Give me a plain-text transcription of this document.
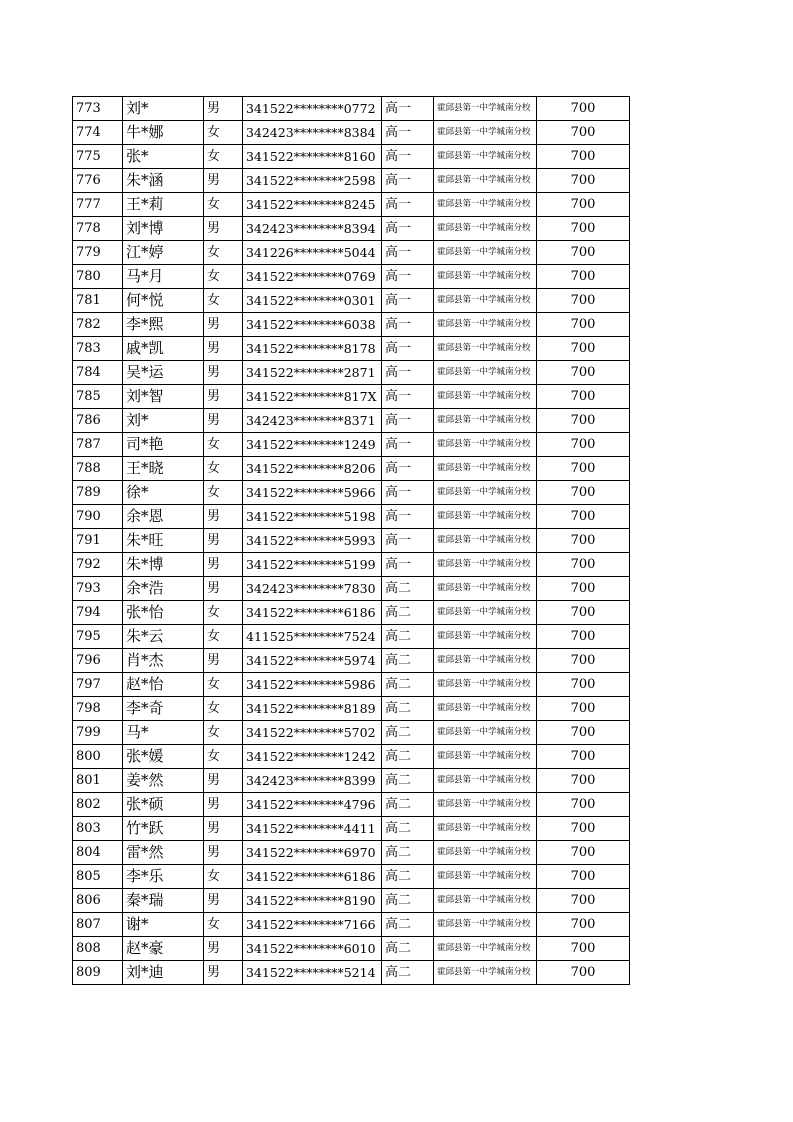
773	刘*	男	341522********0772	高一	霍邱县第一中学城南分校	700
774	牛*娜	女	342423********8384	高一	霍邱县第一中学城南分校	700
775	张*	女	341522********8160	高一	霍邱县第一中学城南分校	700
776	朱*涵	男	341522********2598	高一	霍邱县第一中学城南分校	700
777	王*莉	女	341522********8245	高一	霍邱县第一中学城南分校	700
778	刘*博	男	342423********8394	高一	霍邱县第一中学城南分校	700
779	江*婷	女	341226********5044	高一	霍邱县第一中学城南分校	700
780	马*月	女	341522********0769	高一	霍邱县第一中学城南分校	700
781	何*悦	女	341522********0301	高一	霍邱县第一中学城南分校	700
782	李*熙	男	341522********6038	高一	霍邱县第一中学城南分校	700
783	戚*凯	男	341522********8178	高一	霍邱县第一中学城南分校	700
784	吴*运	男	341522********2871	高一	霍邱县第一中学城南分校	700
785	刘*智	男	341522********817X	高一	霍邱县第一中学城南分校	700
786	刘*	男	342423********8371	高一	霍邱县第一中学城南分校	700
787	司*艳	女	341522********1249	高一	霍邱县第一中学城南分校	700
788	王*晓	女	341522********8206	高一	霍邱县第一中学城南分校	700
789	徐*	女	341522********5966	高一	霍邱县第一中学城南分校	700
790	余*恩	男	341522********5198	高一	霍邱县第一中学城南分校	700
791	朱*旺	男	341522********5993	高一	霍邱县第一中学城南分校	700
792	朱*博	男	341522********5199	高一	霍邱县第一中学城南分校	700
793	余*浩	男	342423********7830	高二	霍邱县第一中学城南分校	700
794	张*怡	女	341522********6186	高二	霍邱县第一中学城南分校	700
795	朱*云	女	411525********7524	高二	霍邱县第一中学城南分校	700
796	肖*杰	男	341522********5974	高二	霍邱县第一中学城南分校	700
797	赵*怡	女	341522********5986	高二	霍邱县第一中学城南分校	700
798	李*奇	女	341522********8189	高二	霍邱县第一中学城南分校	700
799	马*	女	341522********5702	高二	霍邱县第一中学城南分校	700
800	张*媛	女	341522********1242	高二	霍邱县第一中学城南分校	700
801	姜*然	男	342423********8399	高二	霍邱县第一中学城南分校	700
802	张*硕	男	341522********4796	高二	霍邱县第一中学城南分校	700
803	竹*跃	男	341522********4411	高二	霍邱县第一中学城南分校	700
804	雷*然	男	341522********6970	高二	霍邱县第一中学城南分校	700
805	李*乐	女	341522********6186	高二	霍邱县第一中学城南分校	700
806	秦*瑞	男	341522********8190	高二	霍邱县第一中学城南分校	700
807	谢*	女	341522********7166	高二	霍邱县第一中学城南分校	700
808	赵*豪	男	341522********6010	高二	霍邱县第一中学城南分校	700
809	刘*迪	男	341522********5214	高二	霍邱县第一中学城南分校	700
